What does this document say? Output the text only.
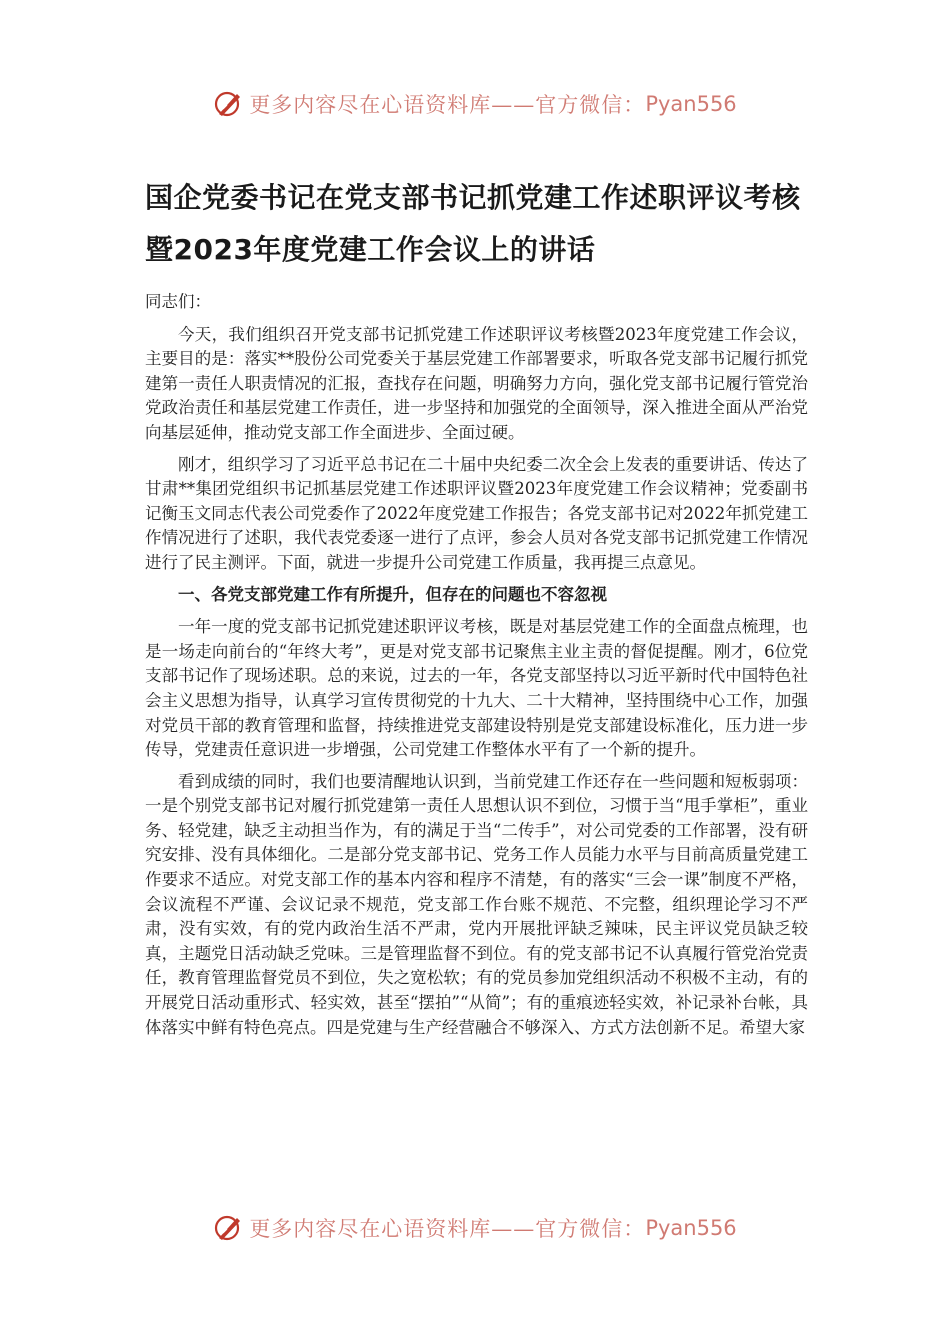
更多内容尽在心语资料库——官方微信： Pyan556
国企党委书记在党支部书记抓党建工作述职评议考核
暨2023年度党建工作会议上的讲话

同志们：

今天，我们组织召开党支部书记抓党建工作述职评议考核暨2023年度党建工作会议，主要目的是：落实**股份公司党委关于基层党建工作部署要求，听取各党支部书记履行抓党建第一责任人职责情况的汇报，查找存在问题，明确努力方向，强化党支部书记履行管党治党政治责任和基层党建工作责任，进一步坚持和加强党的全面领导，深入推进全面从严治党向基层延伸，推动党支部工作全面进步、全面过硬。

刚才，组织学习了习近平总书记在二十届中央纪委二次全会上发表的重要讲话、传达了甘肃**集团党组织书记抓基层党建工作述职评议暨2023年度党建工作会议精神；党委副书记衡玉文同志代表公司党委作了2022年度党建工作报告；各党支部书记对2022年抓党建工作情况进行了述职，我代表党委逐一进行了点评，参会人员对各党支部书记抓党建工作情况进行了民主测评。下面，就进一步提升公司党建工作质量，我再提三点意见。

一、各党支部党建工作有所提升，但存在的问题也不容忽视

一年一度的党支部书记抓党建述职评议考核，既是对基层党建工作的全面盘点梳理，也是一场走向前台的“年终大考”，更是对党支部书记聚焦主业主责的督促提醒。刚才，6位党支部书记作了现场述职。总的来说，过去的一年，各党支部坚持以习近平新时代中国特色社会主义思想为指导，认真学习宣传贯彻党的十九大、二十大精神，坚持围绕中心工作，加强对党员干部的教育管理和监督，持续推进党支部建设特别是党支部建设标准化，压力进一步传导，党建责任意识进一步增强，公司党建工作整体水平有了一个新的提升。

看到成绩的同时，我们也要清醒地认识到，当前党建工作还存在一些问题和短板弱项：一是个别党支部书记对履行抓党建第一责任人思想认识不到位，习惯于当“甩手掌柜”，重业务、轻党建，缺乏主动担当作为，有的满足于当“二传手”，对公司党委的工作部署，没有研究安排、没有具体细化。二是部分党支部书记、党务工作人员能力水平与目前高质量党建工作要求不适应。对党支部工作的基本内容和程序不清楚，有的落实“三会一课”制度不严格，会议流程不严谨、会议记录不规范，党支部工作台账不规范、不完整，组织理论学习不严肃，没有实效，有的党内政治生活不严肃，党内开展批评缺乏辣味，民主评议党员缺乏较真，主题党日活动缺乏党味。三是管理监督不到位。有的党支部书记不认真履行管党治党责任，教育管理监督党员不到位，失之宽松软；有的党员参加党组织活动不积极不主动，有的开展党日活动重形式、轻实效，甚至“摆拍”“从简”；有的重痕迹轻实效，补记录补台帐，具体落实中鲜有特色亮点。四是党建与生产经营融合不够深入、方式方法创新不足。希望大家

更多内容尽在心语资料库——官方微信： Pyan556
